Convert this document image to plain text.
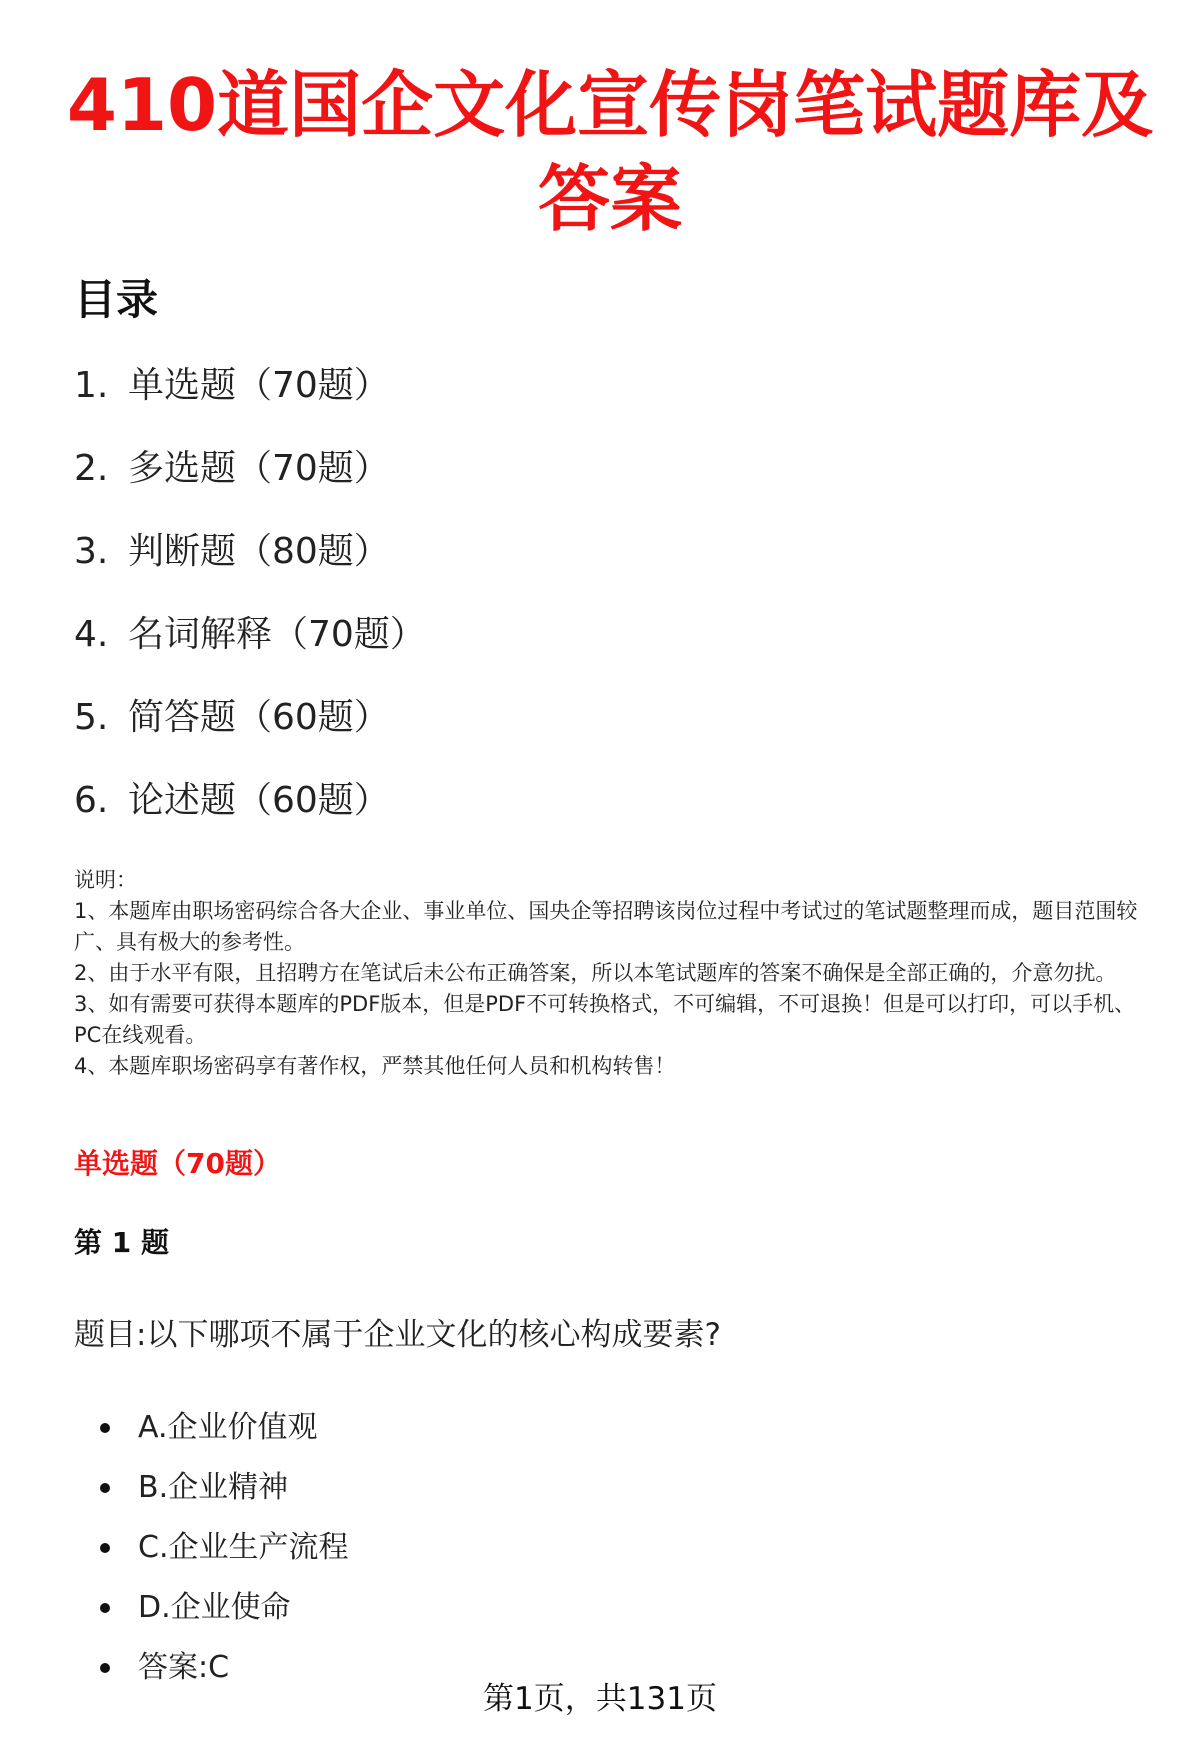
410道国企文化宣传岗笔试题库及答案
目录
1. 单选题（70题）
2. 多选题（70题）
3. 判断题（80题）
4. 名词解释（70题）
5. 简答题（60题）
6. 论述题（60题）

说明：

1、本题库由职场密码综合各大企业、事业单位、国央企等招聘该岗位过程中考试过的笔试题整理而成，题目范围较广、具有极大的参考性。

2、由于水平有限，且招聘方在笔试后未公布正确答案，所以本笔试题库的答案不确保是全部正确的，介意勿扰。

3、如有需要可获得本题库的PDF版本，但是PDF不可转换格式，不可编辑，不可退换！但是可以打印，可以手机、PC在线观看。

4、本题库职场密码享有著作权，严禁其他任何人员和机构转售！

单选题（70题）
第 1 题

题目:以下哪项不属于企业文化的核心构成要素?

A.企业价值观
B.企业精神
C.企业生产流程
D.企业使命
答案:C
第1页，共131页
